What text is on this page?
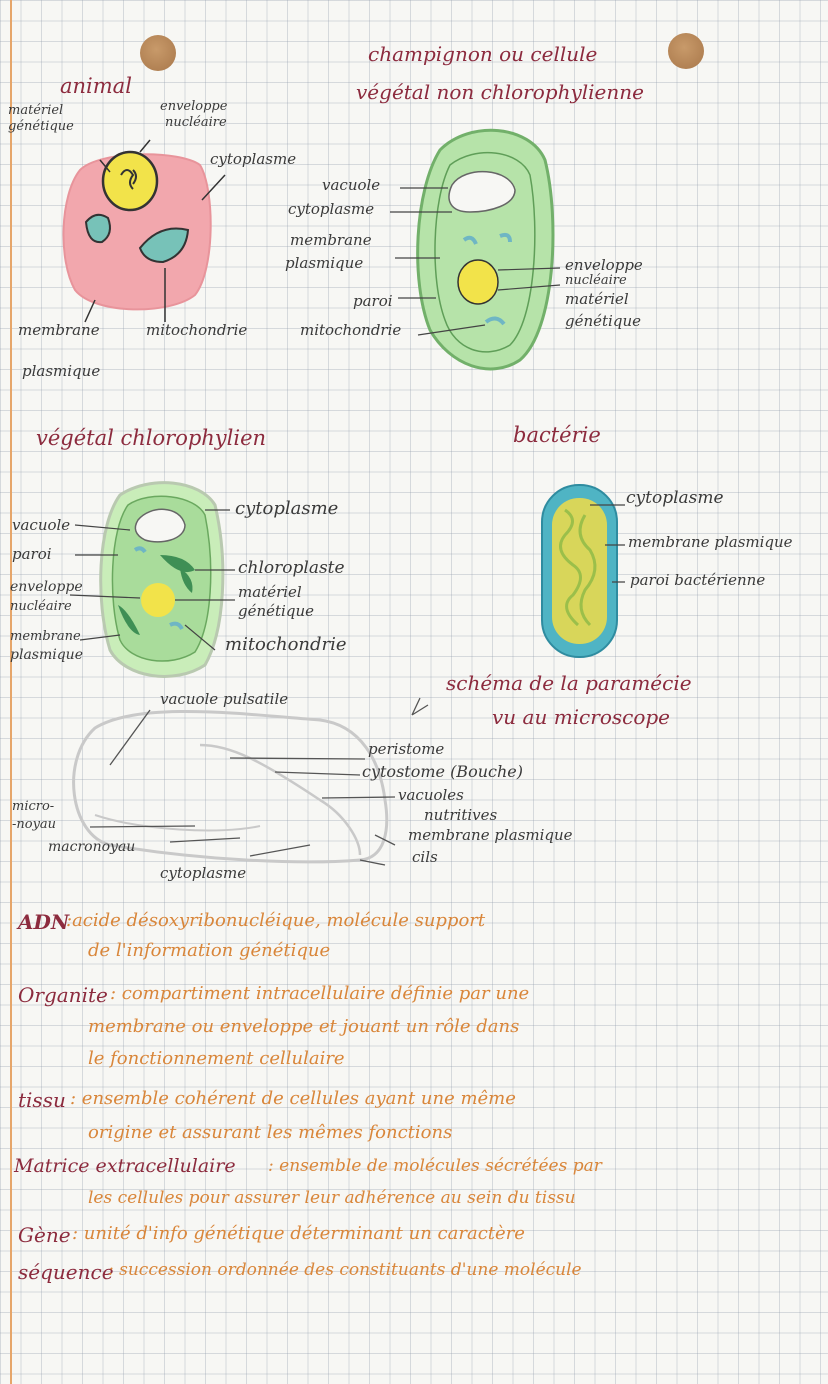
animal
champignon ou cellule
végétal non chlorophylienne
végétal chlorophylien	bactérie
schéma de la paramécie
vu au microscope
matériel
génétique
enveloppe
nucléaire
cytoplasme
membrane
plasmique
mitochondrie
vacuole
cytoplasme
membrane
plasmique
paroi
mitochondrie
enveloppe
nucléaire
matériel
génétique
vacuole
paroi
enveloppe
nucléaire
membrane
plasmique
cytoplasme
chloroplaste
matériel
génétique
mitochondrie
cytoplasme
membrane plasmique
paroi bactérienne
vacuole pulsatile
peristome
cytostome (Bouche)
vacuoles
nutritives
membrane plasmique
cils
micro-
-noyau
macronoyau
cytoplasme
ADN
:acide désoxyribonucléique, molécule support
de l'information génétique
Organite : compartiment intracellulaire définie par une
membrane ou enveloppe et jouant un rôle dans
le fonctionnement cellulaire
tissu : ensemble cohérent de cellules ayant une même
origine et assurant les mêmes fonctions
Matrice extracellulaire : ensemble de molécules sécrétées par
les cellules pour assurer leur adhérence au sein du tissu
Gène : unité d'info génétique déterminant un caractère
séquence
: succession ordonnée des constituants d'une molécule
